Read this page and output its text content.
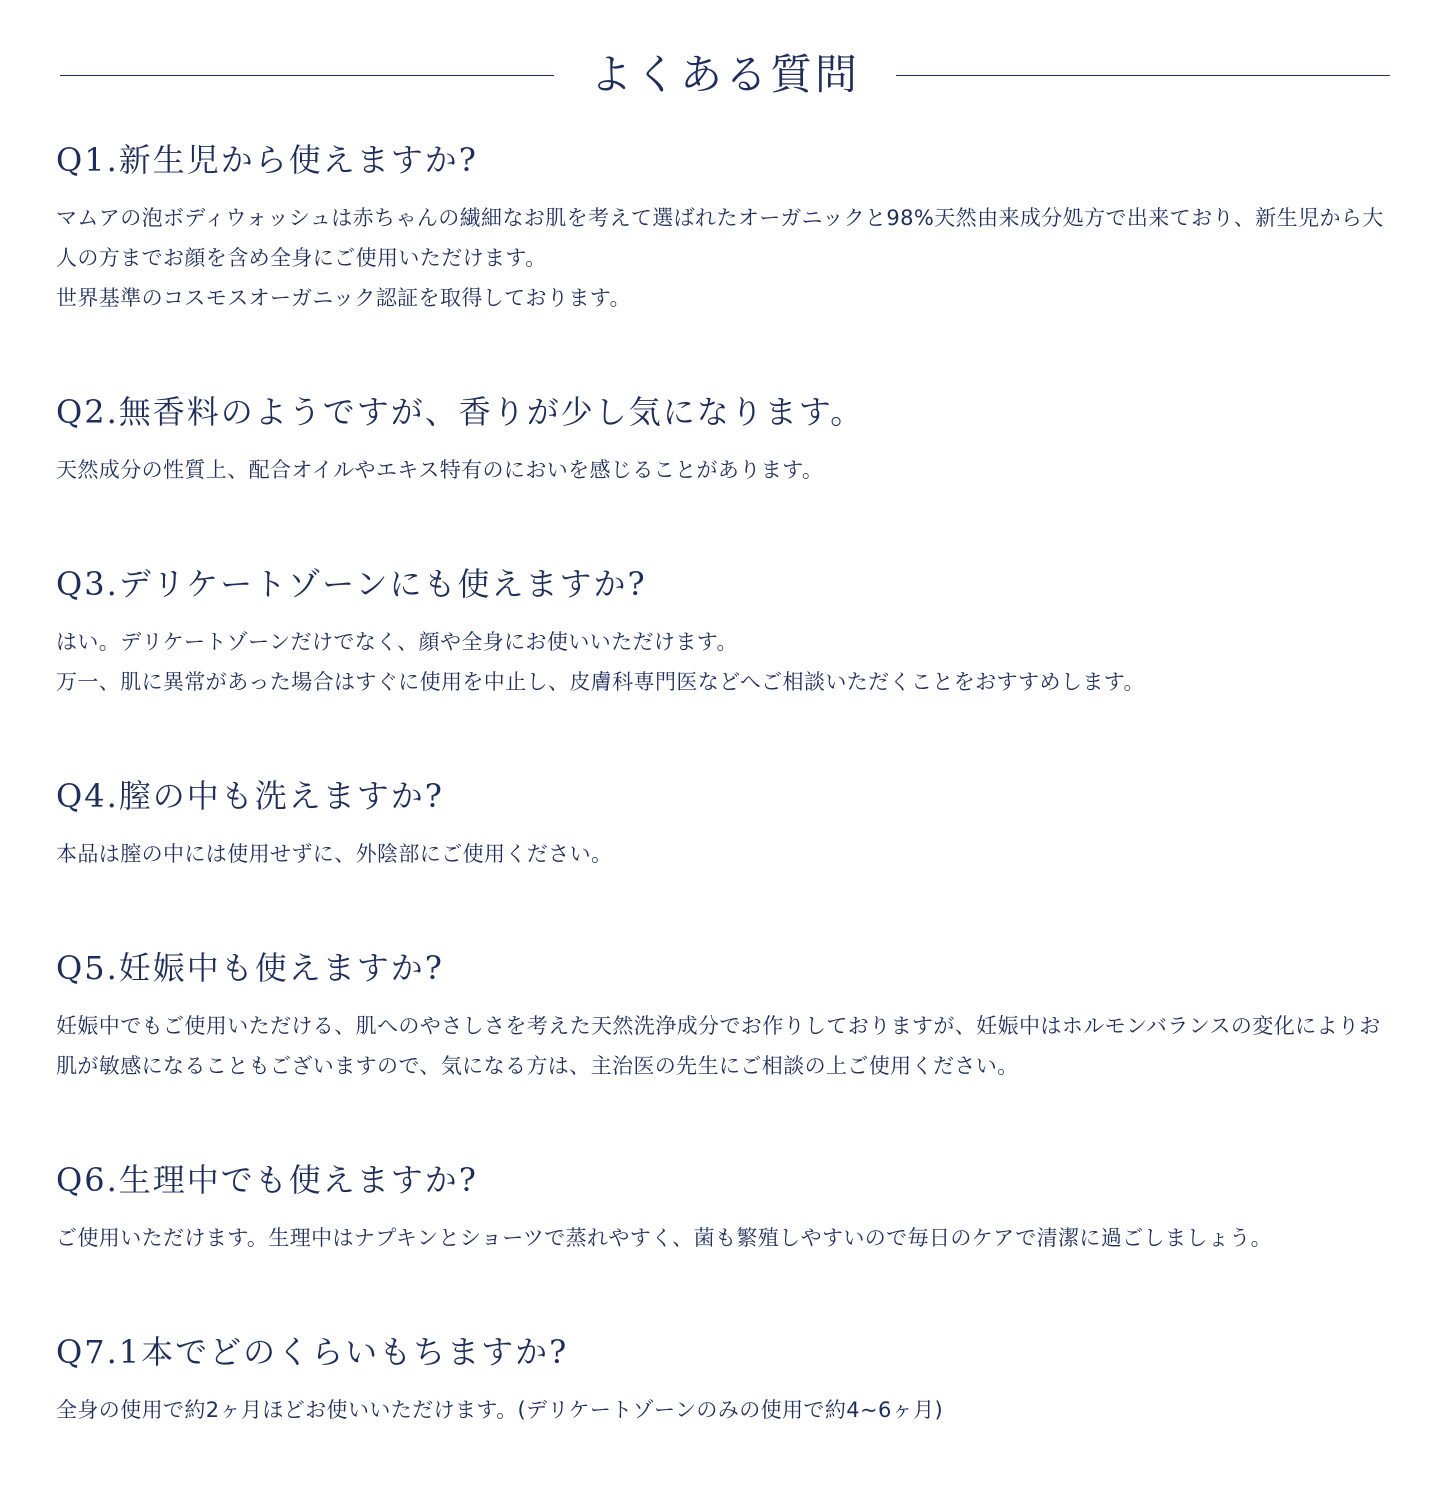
よくある質問
Q1.新生児から使えますか?

マムアの泡ボディウォッシュは赤ちゃんの繊細なお肌を考えて選ばれたオーガニックと98%天然由来成分処方で出来ており、新生児から大人の方までお顔を含め全身にご使用いただけます。

世界基準のコスモスオーガニック認証を取得しております。

Q2.無香料のようですが、香りが少し気になります。

天然成分の性質上、配合オイルやエキス特有のにおいを感じることがあります。

Q3.デリケートゾーンにも使えますか?

はい。デリケートゾーンだけでなく、顔や全身にお使いいただけます。

万一、肌に異常があった場合はすぐに使用を中止し、皮膚科専門医などへご相談いただくことをおすすめします。

Q4.膣の中も洗えますか?

本品は膣の中には使用せずに、外陰部にご使用ください。

Q5.妊娠中も使えますか?

妊娠中でもご使用いただける、肌へのやさしさを考えた天然洗浄成分でお作りしておりますが、妊娠中はホルモンバランスの変化によりお肌が敏感になることもございますので、気になる方は、主治医の先生にご相談の上ご使用ください。

Q6.生理中でも使えますか?

ご使用いただけます。生理中はナプキンとショーツで蒸れやすく、菌も繁殖しやすいので毎日のケアで清潔に過ごしましょう。

Q7.1本でどのくらいもちますか?

全身の使用で約2ヶ月ほどお使いいただけます。(デリケートゾーンのみの使用で約4~6ヶ月)
